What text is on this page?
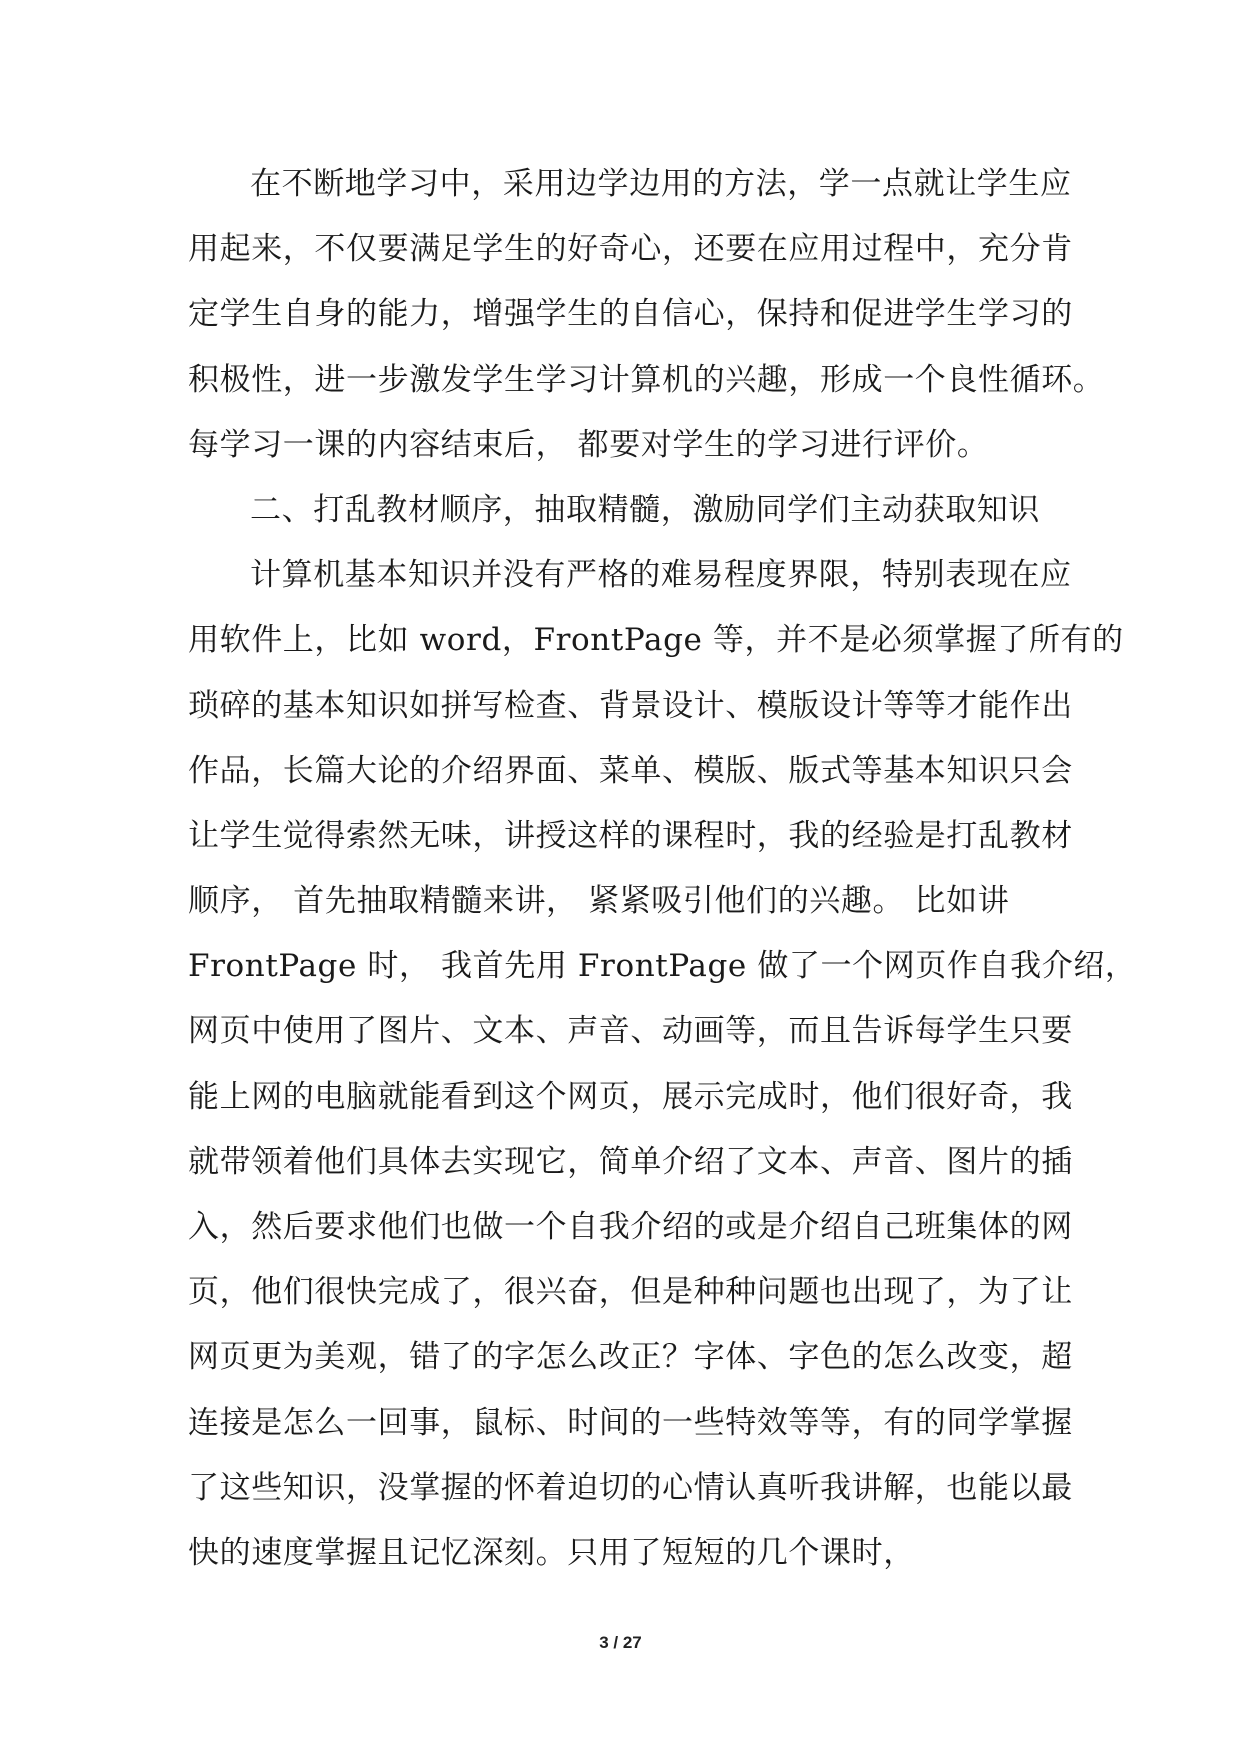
在不断地学习中，采用边学边用的方法，学一点就让学生应
用起来，不仅要满足学生的好奇心，还要在应用过程中，充分肯
定学生自身的能力，增强学生的自信心，保持和促进学生学习的
积极性，进一步激发学生学习计算机的兴趣，形成一个良性循环。
每学习一课的内容结束后， 都要对学生的学习进行评价。
二、打乱教材顺序，抽取精髓，激励同学们主动获取知识
计算机基本知识并没有严格的难易程度界限，特别表现在应
用软件上，比如 word，FrontPage 等，并不是必须掌握了所有的
琐碎的基本知识如拼写检查、背景设计、模版设计等等才能作出
作品，长篇大论的介绍界面、菜单、模版、版式等基本知识只会
让学生觉得索然无味，讲授这样的课程时，我的经验是打乱教材
顺序， 首先抽取精髓来讲， 紧紧吸引他们的兴趣。 比如讲
FrontPage 时， 我首先用 FrontPage 做了一个网页作自我介绍，
网页中使用了图片、文本、声音、动画等，而且告诉每学生只要
能上网的电脑就能看到这个网页，展示完成时，他们很好奇，我
就带领着他们具体去实现它，简单介绍了文本、声音、图片的插
入，然后要求他们也做一个自我介绍的或是介绍自己班集体的网
页，他们很快完成了，很兴奋，但是种种问题也出现了，为了让
网页更为美观，错了的字怎么改正？字体、字色的怎么改变，超
连接是怎么一回事，鼠标、时间的一些特效等等，有的同学掌握
了这些知识，没掌握的怀着迫切的心情认真听我讲解，也能以最
快的速度掌握且记忆深刻。只用了短短的几个课时，
3 / 27
